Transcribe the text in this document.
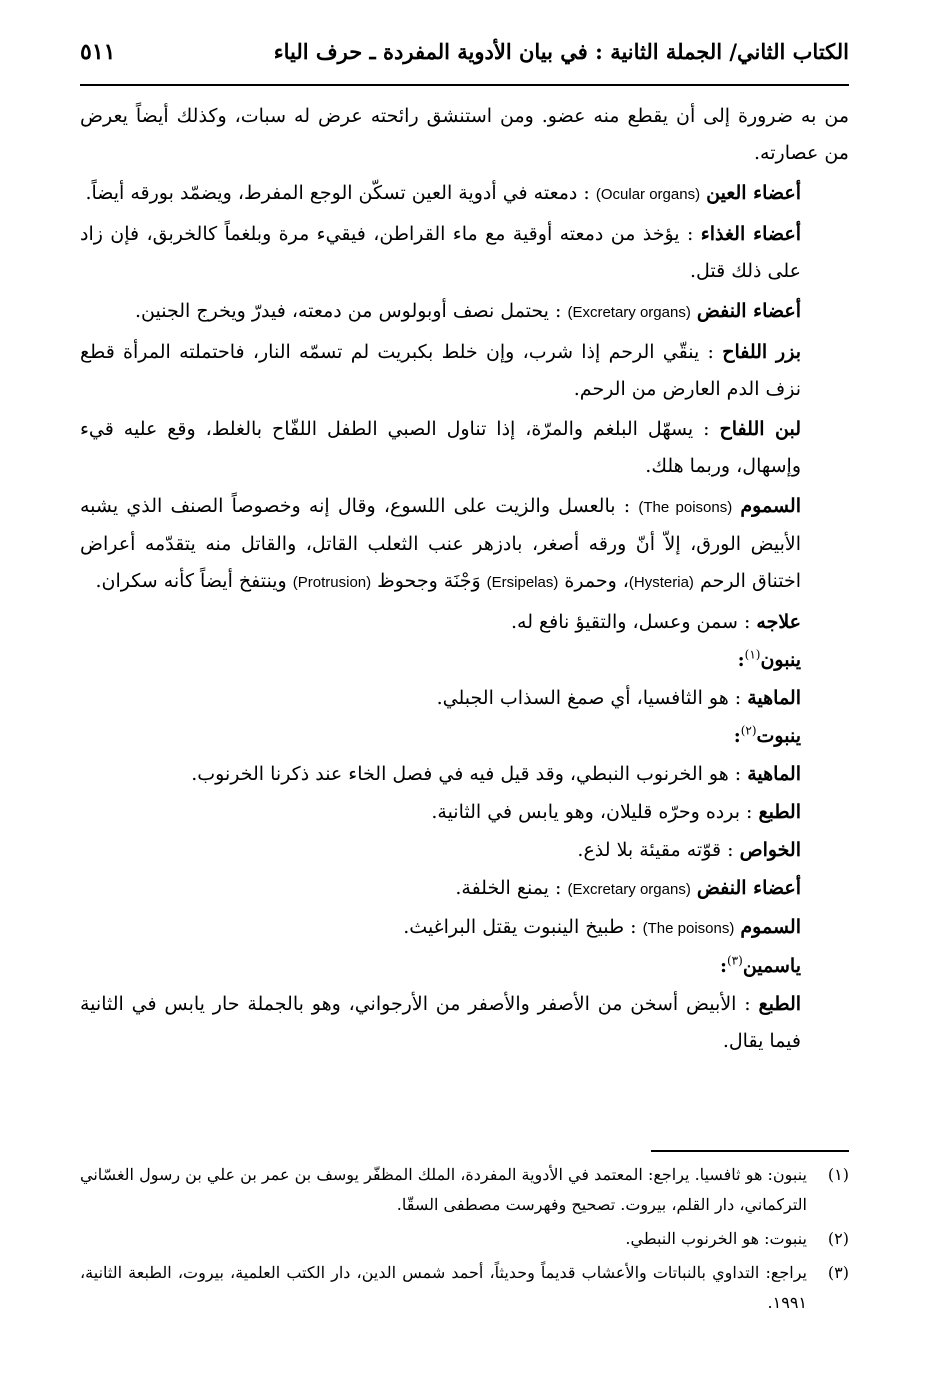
الكتاب الثاني/ الجملة الثانية : في بيان الأدوية المفردة ـ حرف الياء
٥١١

من به ضرورة إلى أن يقطع منه عضو. ومن استنشق رائحته عرض له سبات، وكذلك أيضاً يعرض من عصارته.

أعضاء العين (Ocular organs) : دمعته في أدوية العين تسكّن الوجع المفرط، ويضمّد بورقه أيضاً.

أعضاء الغذاء : يؤخذ من دمعته أوقية مع ماء القراطن، فيقيء مرة وبلغماً كالخربق، فإن زاد على ذلك قتل.

أعضاء النفض (Excretary organs) : يحتمل نصف أوبولوس من دمعته، فيدرّ ويخرج الجنين.

بزر اللفاح : ينقّي الرحم إذا شرب، وإن خلط بكبريت لم تسمّه النار، فاحتملته المرأة قطع نزف الدم العارض من الرحم.

لبن اللفاح : يسهّل البلغم والمرّة، إذا تناول الصبي الطفل اللفّاح بالغلط، وقع عليه قيء وإسهال، وربما هلك.

السموم (The poisons) : بالعسل والزيت على اللسوع، وقال إنه وخصوصاً الصنف الذي يشبه الأبيض الورق، إلاّ أنّ ورقه أصغر، بادزهر عنب الثعلب القاتل، والقاتل منه يتقدّمه أعراض اختناق الرحم (Hysteria)، وحمرة (Ersipelas) وَجْنَة وجحوظ (Protrusion) وينتفخ أيضاً كأنه سكران.

علاجه : سمن وعسل، والتقيؤ نافع له.

ينبون$^{(١)}$:

الماهية : هو الثافسيا، أي صمغ السذاب الجبلي.

ينبوت$^{(٢)}$:

الماهية : هو الخرنوب النبطي، وقد قيل فيه في فصل الخاء عند ذكرنا الخرنوب.

الطبع : برده وحرّه قليلان، وهو يابس في الثانية.

الخواص : قوّته مقيئة بلا لذع.

أعضاء النفض (Excretary organs) : يمنع الخلفة.

السموم (The poisons) : طبيخ الينبوت يقتل البراغيث.

ياسمين$^{(٣)}$:

الطبع : الأبيض أسخن من الأصفر والأصفر من الأرجواني، وهو بالجملة حار يابس في الثانية فيما يقال.

(١)
ينبون: هو ثافسيا. يراجع: المعتمد في الأدوية المفردة، الملك المظفّر يوسف بن عمر بن علي بن رسول الغسّاني التركماني، دار القلم، بيروت. تصحيح وفهرست مصطفى السقّا.
(٢)
ينبوت: هو الخرنوب النبطي.
(٣)
يراجع: التداوي بالنباتات والأعشاب قديماً وحديثاً، أحمد شمس الدين، دار الكتب العلمية، بيروت، الطبعة الثانية، ١٩٩١.
